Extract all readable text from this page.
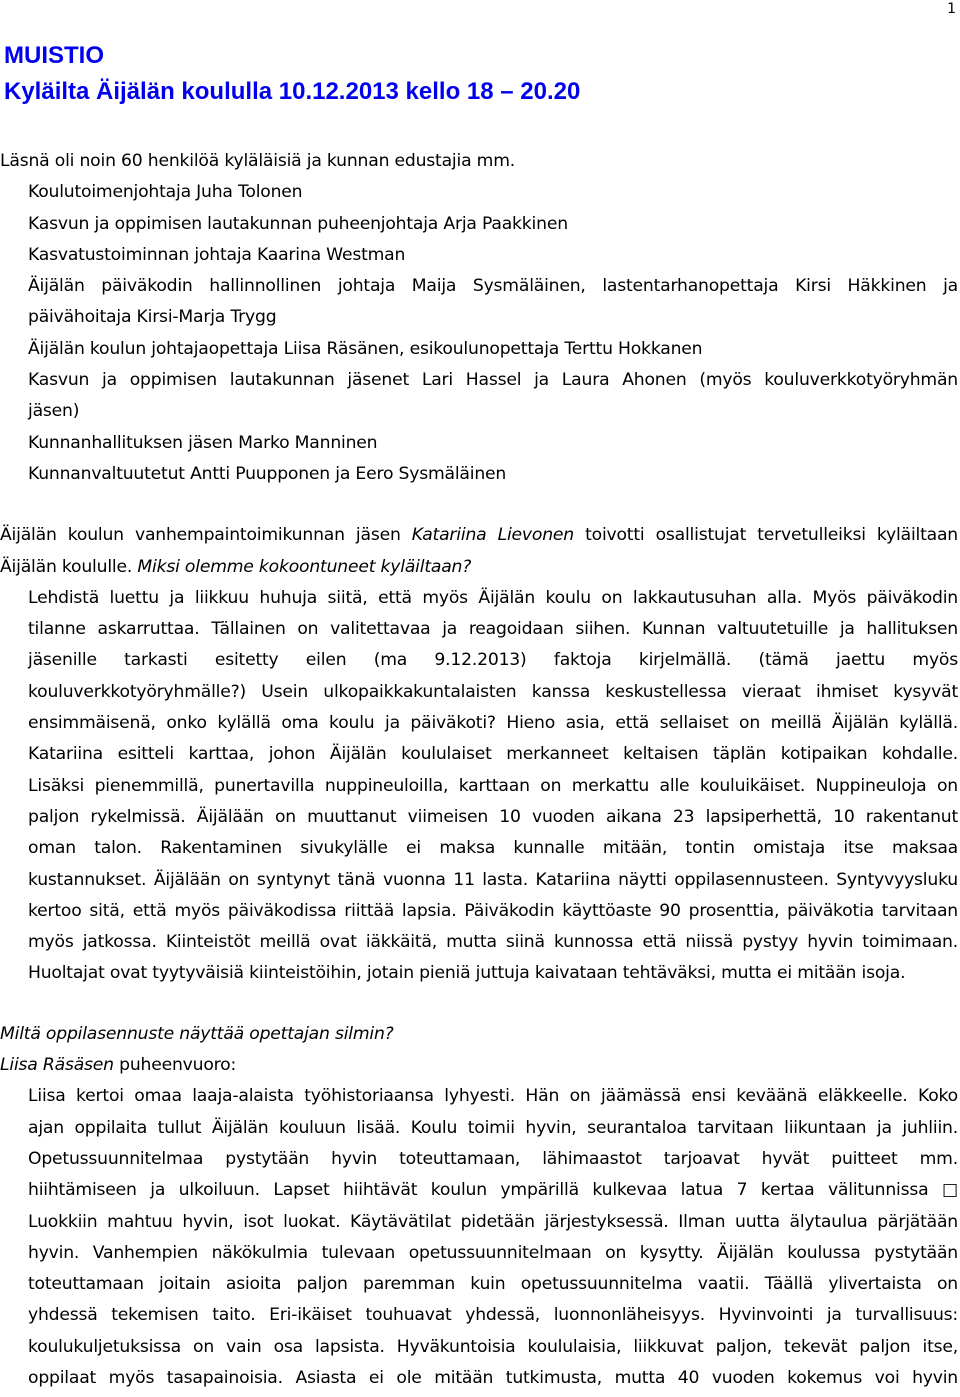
1
MUISTIO
Kyläilta Äijälän koululla 10.12.2013 kello 18 – 20.20
Läsnä oli noin 60 henkilöä kyläläisiä ja kunnan edustajia mm.
Koulutoimenjohtaja Juha Tolonen
Kasvun ja oppimisen lautakunnan puheenjohtaja Arja Paakkinen
Kasvatustoiminnan johtaja Kaarina Westman
Äijälän päiväkodin hallinnollinen johtaja Maija Sysmäläinen, lastentarhanopettaja Kirsi Häkkinen ja
päivähoitaja Kirsi-Marja Trygg
Äijälän koulun johtajaopettaja Liisa Räsänen, esikoulunopettaja Terttu Hokkanen
Kasvun ja oppimisen lautakunnan jäsenet Lari Hassel ja Laura Ahonen (myös kouluverkkotyöryhmän
jäsen)
Kunnanhallituksen jäsen Marko Manninen
Kunnanvaltuutetut Antti Puupponen ja Eero Sysmäläinen
Äijälän koulun vanhempaintoimikunnan jäsen Katariina Lievonen toivotti osallistujat tervetulleiksi kyläiltaan
Äijälän koululle. Miksi olemme kokoontuneet kyläiltaan?
Lehdistä luettu ja liikkuu huhuja siitä, että myös Äijälän koulu on lakkautusuhan alla. Myös päiväkodin
tilanne askarruttaa. Tällainen on valitettavaa ja reagoidaan siihen. Kunnan valtuutetuille ja hallituksen
jäsenille tarkasti esitetty eilen (ma 9.12.2013) faktoja kirjelmällä. (tämä jaettu myös
kouluverkkotyöryhmälle?) Usein ulkopaikkakuntalaisten kanssa keskustellessa vieraat ihmiset kysyvät
ensimmäisenä, onko kylällä oma koulu ja päiväkoti? Hieno asia, että sellaiset on meillä Äijälän kylällä.
Katariina esitteli karttaa, johon Äijälän koululaiset merkanneet keltaisen täplän kotipaikan kohdalle.
Lisäksi pienemmillä, punertavilla nuppineuloilla, karttaan on merkattu alle kouluikäiset. Nuppineuloja on
paljon rykelmissä. Äijälään on muuttanut viimeisen 10 vuoden aikana 23 lapsiperhettä, 10 rakentanut
oman talon. Rakentaminen sivukylälle ei maksa kunnalle mitään, tontin omistaja itse maksaa
kustannukset. Äijälään on syntynyt tänä vuonna 11 lasta. Katariina näytti oppilasennusteen. Syntyvyysluku
kertoo sitä, että myös päiväkodissa riittää lapsia. Päiväkodin käyttöaste 90 prosenttia, päiväkotia tarvitaan
myös jatkossa. Kiinteistöt meillä ovat iäkkäitä, mutta siinä kunnossa että niissä pystyy hyvin toimimaan.
Huoltajat ovat tyytyväisiä kiinteistöihin, jotain pieniä juttuja kaivataan tehtäväksi, mutta ei mitään isoja.
Miltä oppilasennuste näyttää opettajan silmin?
Liisa Räsäsen puheenvuoro:
Liisa kertoi omaa laaja-alaista työhistoriaansa lyhyesti. Hän on jäämässä ensi keväänä eläkkeelle. Koko
ajan oppilaita tullut Äijälän kouluun lisää. Koulu toimii hyvin, seurantaloa tarvitaan liikuntaan ja juhliin.
Opetussuunnitelmaa pystytään hyvin toteuttamaan, lähimaastot tarjoavat hyvät puitteet mm.
hiihtämiseen ja ulkoiluun. Lapset hiihtävät koulun ympärillä kulkevaa latua 7 kertaa välitunnissa □
Luokkiin mahtuu hyvin, isot luokat. Käytävätilat pidetään järjestyksessä. Ilman uutta älytaulua pärjätään
hyvin. Vanhempien näkökulmia tulevaan opetussuunnitelmaan on kysytty. Äijälän koulussa pystytään
toteuttamaan joitain asioita paljon paremman kuin opetussuunnitelma vaatii. Täällä ylivertaista on
yhdessä tekemisen taito. Eri-ikäiset touhuavat yhdessä, luonnonläheisyys. Hyvinvointi ja turvallisuus:
koulukuljetuksissa on vain osa lapsista. Hyväkuntoisia koululaisia, liikkuvat paljon, tekevät paljon itse,
oppilaat myös tasapainoisia. Asiasta ei ole mitään tutkimusta, mutta 40 vuoden kokemus voi hyvin
